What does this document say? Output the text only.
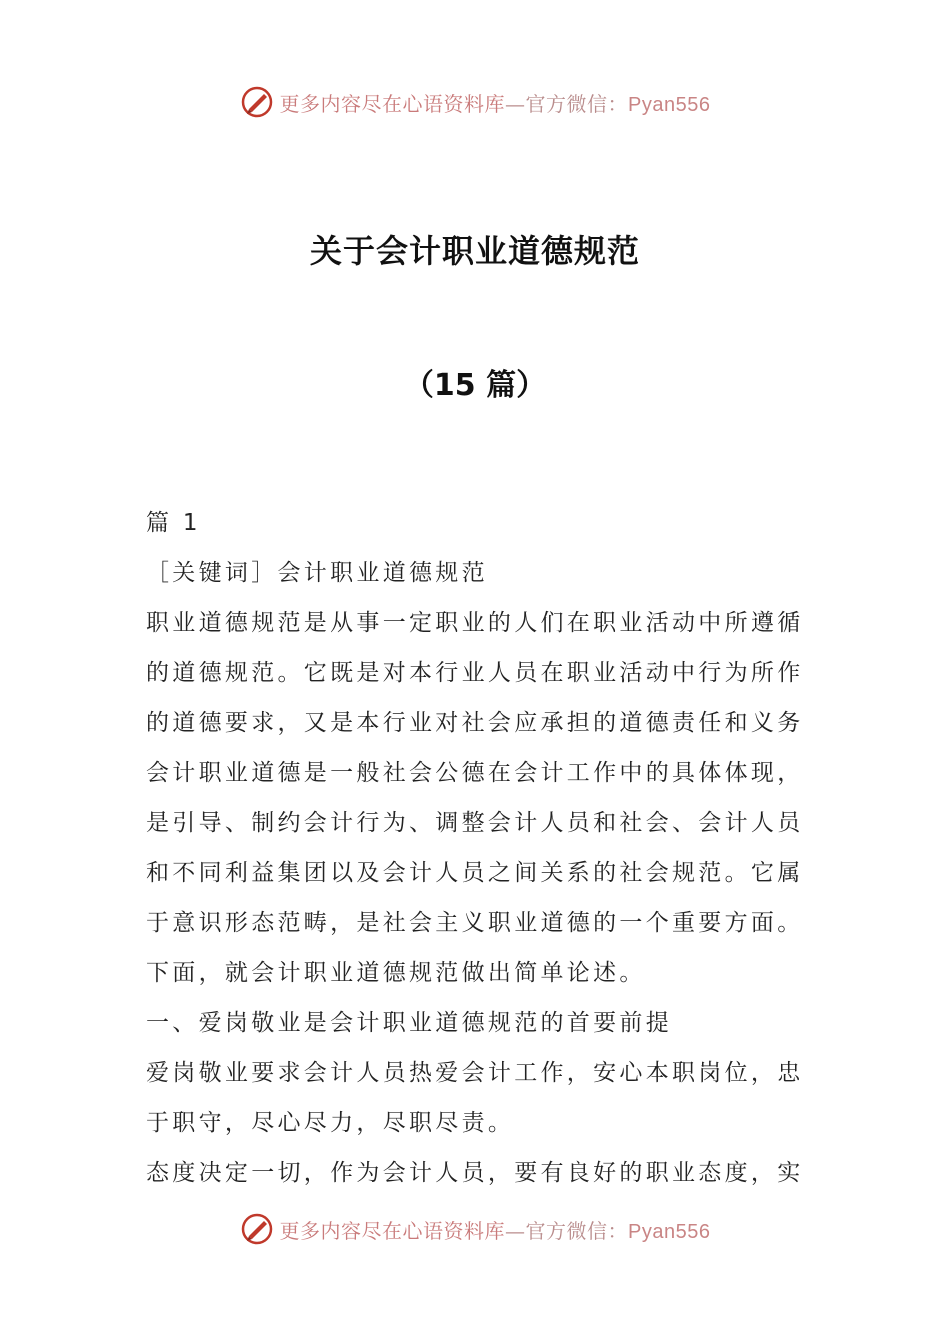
更多内容尽在心语资料库—官方微信：Pyan556
关于会计职业道德规范
（15 篇）
篇 1
［关键词］会计职业道德规范
职业道德规范是从事一定职业的人们在职业活动中所遵循
的道德规范。它既是对本行业人员在职业活动中行为所作
的道德要求，又是本行业对社会应承担的道德责任和义务
会计职业道德是一般社会公德在会计工作中的具体体现，
是引导、制约会计行为、调整会计人员和社会、会计人员
和不同利益集团以及会计人员之间关系的社会规范。它属
于意识形态范畴，是社会主义职业道德的一个重要方面。
下面，就会计职业道德规范做出简单论述。
一、爱岗敬业是会计职业道德规范的首要前提
爱岗敬业要求会计人员热爱会计工作，安心本职岗位，忠
于职守，尽心尽力，尽职尽责。
态度决定一切，作为会计人员，要有良好的职业态度，实
更多内容尽在心语资料库—官方微信：Pyan556
